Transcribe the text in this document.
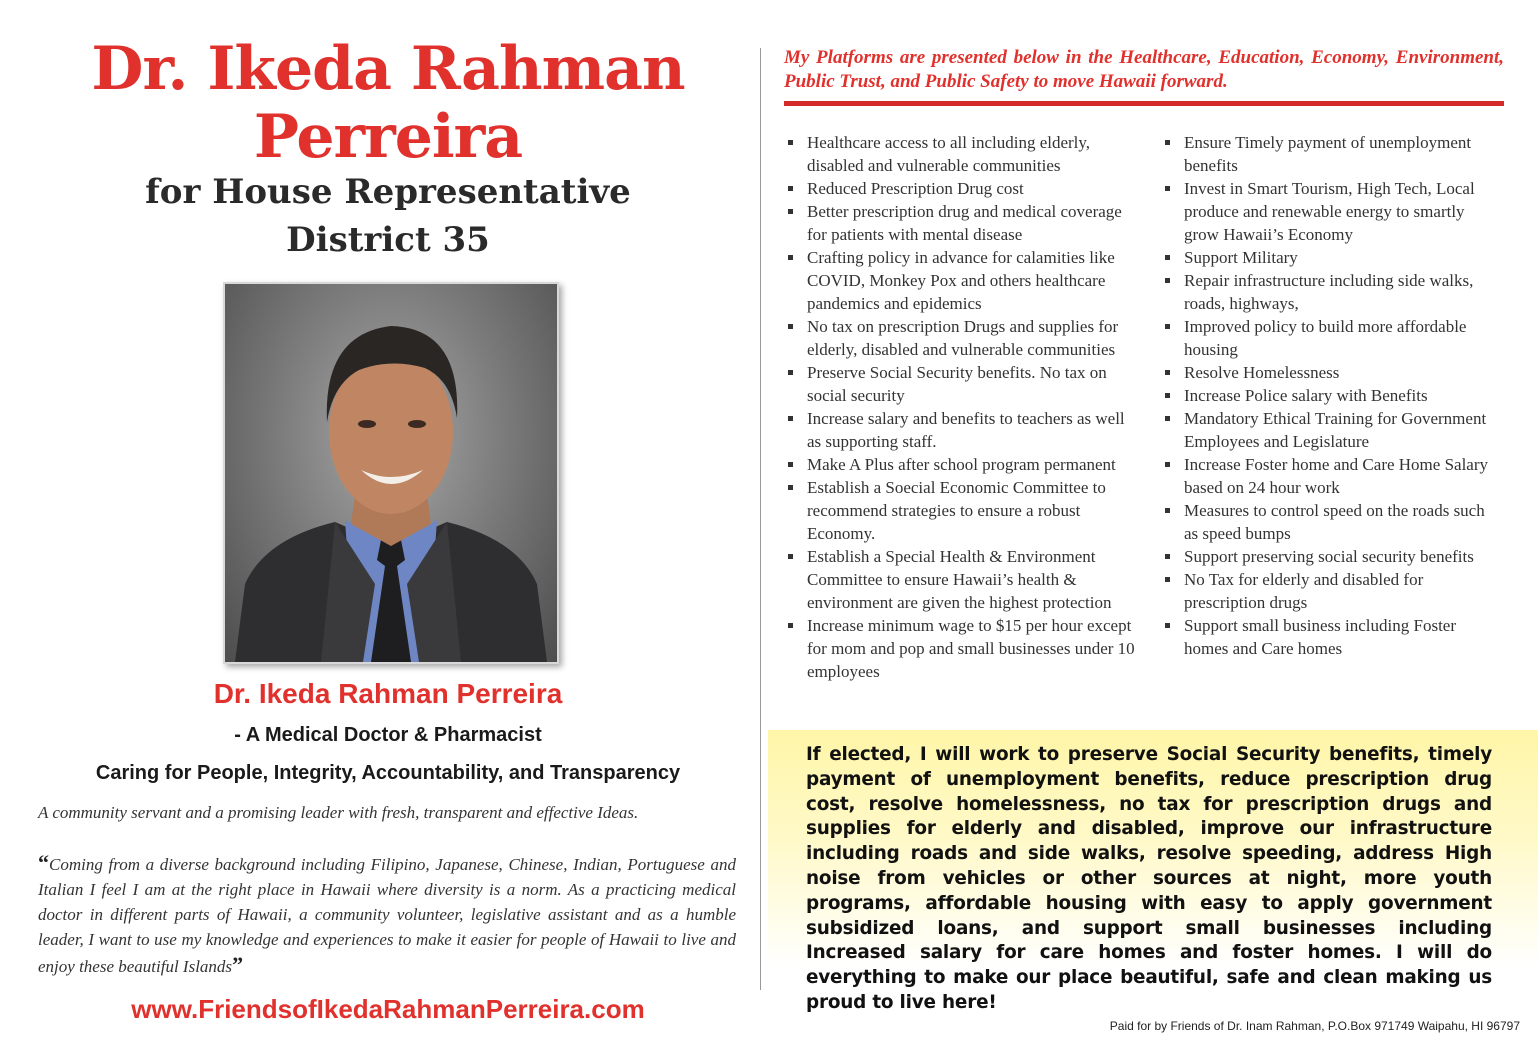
Dr. Ikeda Rahman
Perreira
for House Representative
District 35
Dr. Ikeda Rahman Perreira
- A Medical Doctor & Pharmacist
Caring for People, Integrity, Accountability, and Transparency
A community servant and a promising leader with fresh, transparent and effective Ideas.
“Coming from a diverse background including Filipino, Japanese, Chinese, Indian, Portuguese and Italian I feel I am at the right place in Hawaii where diversity is a norm. As a practicing medical doctor in different parts of Hawaii, a community volunteer, legislative assistant and as a humble leader, I want to use my knowledge and experiences to make it easier for people of Hawaii to live and enjoy these beautiful Islands”
www.FriendsofIkedaRahmanPerreira.com
My Platforms are presented below in the Healthcare, Education, Economy, Environment, Public Trust, and Public Safety to move Hawaii forward.
Healthcare access to all including elderly, disabled and vulnerable communities
Reduced Prescription Drug cost
Better prescription drug and medical coverage for patients with mental disease
Crafting policy in advance for calamities like COVID, Monkey Pox and others healthcare pandemics and epidemics
No tax on prescription Drugs and supplies for elderly, disabled and vulnerable communities
Preserve Social Security benefits. No tax on social security
Increase salary and benefits to teachers as well as supporting staff.
Make A Plus after school program permanent
Establish a Soecial Economic Committee to recommend strategies to ensure a robust Economy.
Establish a Special Health & Environment Committee to ensure Hawaii’s health & environment are given the highest protection
Increase minimum wage to $15 per hour except for mom and pop and small businesses under 10 employees
Ensure Timely payment of unemployment benefits
Invest in Smart Tourism, High Tech, Local produce and renewable energy to smartly grow Hawaii’s Economy
Support Military
Repair infrastructure including side walks, roads, highways,
Improved policy to build more affordable housing
Resolve Homelessness
Increase Police salary with Benefits
Mandatory Ethical Training for Government Employees and Legislature
Increase Foster home and Care Home Salary based on 24 hour work
Measures to control speed on the roads such as speed bumps
Support preserving social security benefits
No Tax for elderly and disabled for prescription drugs
Support small business including Foster homes and Care homes
If elected, I will work to preserve Social Security benefits, timely payment of unemployment benefits, reduce prescription drug cost, resolve homelessness, no tax for prescription drugs and supplies for elderly and disabled, improve our infrastructure including roads and side walks, resolve speeding, address High noise from vehicles or other sources at night, more youth programs, affordable housing with easy to apply government subsidized loans, and support small businesses including Increased salary for care homes and foster homes. I will do everything to make our place beautiful, safe and clean making us proud to live here!
Paid for by Friends of Dr. Inam Rahman, P.O.Box 971749 Waipahu, HI 96797
